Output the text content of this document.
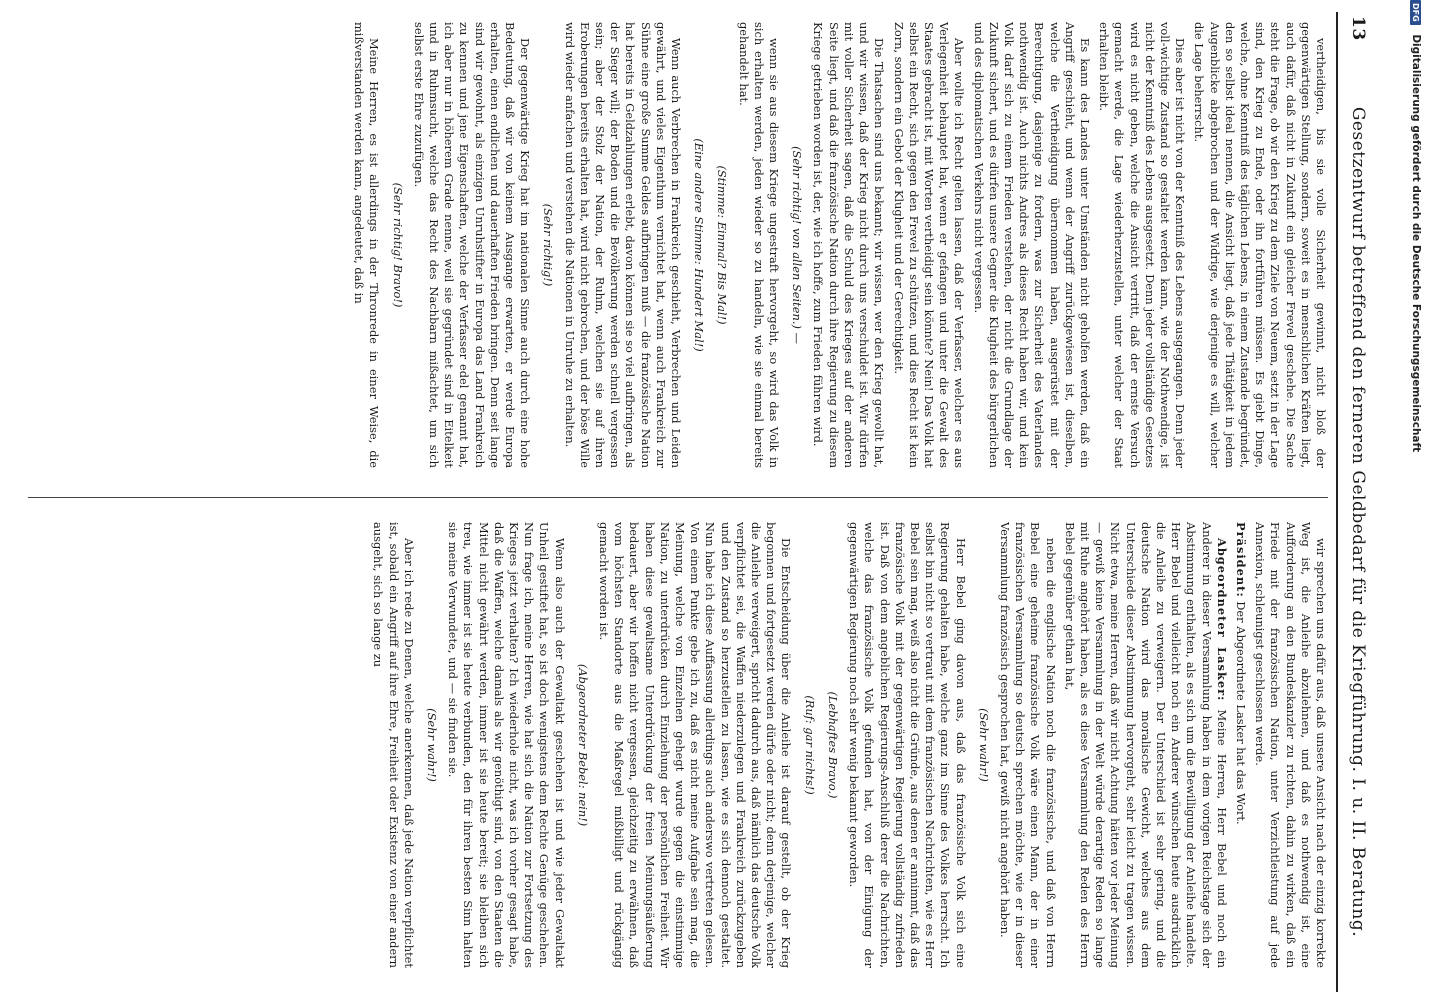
13
Gesetzentwurf betreffend den ferneren Geldbedarf für die Kriegführung. I. u. II. Beratung.

vertheidigen, bis sie volle Sicherheit gewinnt, nicht bloß der gegenwärtigen Stellung, sondern, soweit es in menschlichen Kräften liegt, auch dafür, daß nicht in Zukunft ein gleicher Frevel geschehe. Die Sache steht die Frage, ob wir den Krieg zu dem Ziele von Neuem, setzt in der Lage sind, den Krieg zu Ende, oder ihn fortführen müssen. Es giebt Dinge, welche, ohne Kenntniß des täglichen Lebens, in einem Zustande begründet, den so selbst ideal nennen, die Ansicht liegt, daß jede Thätigkeit in jedem Augenblicke abgebrochen und der Widrige, wie derjenige es will, welcher die Lage beherrscht.

Dies aber ist nicht von der Kenntniß des Lebens ausgegangen. Denn jeder voll-wichtige Zustand so gestaltet werden kann, wie der Nothwendige, ist nicht der Kenntniß des Lebens ausgesetzt. Denn jeder vollständige Gesetzes wird es nicht geben, welche die Ansicht vertritt, daß der ernste Versuch gemacht werde, die Lage wiederherzustellen, unter welcher der Staat erhalten bleibt.

Es kann des Landes unter Umständen nicht geholfen werden, daß ein Angriff geschieht, und wenn der Angriff zurückgewiesen ist, dieselben, welche die Vertheidigung übernommen haben, ausgerüstet mit der Berechtigung, dasjenige zu fordern, was zur Sicherheit des Vaterlandes nothwendig ist. Auch nichts Andres als dieses Recht haben wir, und kein Volk darf sich zu einem Frieden verstehen, der nicht die Grundlage der Zukunft sichert, und es dürfen unsere Gegner die Klugheit des bürgerlichen und des diplomatischen Verkehrs nicht vergessen.

Aber wollte ich Recht gelten lassen, daß der Verfasser, welcher es aus Verlegenheit behauptet hat, wenn er gefangen und unter die Gewalt des Staates gebracht ist, mit Worten vertheidigt sein könnte? Nein! Das Volk hat selbst ein Recht, sich gegen den Frevel zu schützen, und dies Recht ist kein Zorn, sondern ein Gebot der Klugheit und der Gerechtigkeit.

Die Thatsachen sind uns bekannt; wir wissen, wer den Krieg gewollt hat, und wir wissen, daß der Krieg nicht durch uns verschuldet ist. Wir dürfen mit voller Sicherheit sagen, daß die Schuld des Krieges auf der anderen Seite liegt, und daß die französische Nation durch ihre Regierung zu diesem Kriege getrieben worden ist, der, wie ich hoffe, zum Frieden führen wird.

(Sehr richtig! von allen Seiten.) —

wenn sie aus diesem Kriege ungestraft hervorgeht, so wird das Volk in sich erhalten werden, jeden wieder so zu handeln, wie sie einmal bereits gehandelt hat.

(Stimme: Einmal? Bis Mal!)

(Eine andere Stimme: Hundert Mal!)

Wenn auch Verbrechen in Frankreich geschieht, Verbrechen und Leiden gewährt, und vieles Eigenthum vernichtet hat, wenn auch Frankreich zur Sühne eine große Summe Geldes aufbringen muß — die französische Nation hat bereits in Geldzahlungen erlebt, davon können sie so viel aufbringen, als der Sieger will; der Boden und die Bevölkerung werden schnell vergessen sein; aber der Stolz der Nation, der Ruhm, welchen sie auf ihren Eroberungen bereits erhalten hat, wird nicht gebrochen, und der böse Wille wird wieder anfachen und verstehen die Nationen in Unruhe zu erhalten.

(Sehr richtig!)

Der gegenwärtige Krieg hat im nationalen Sinne auch durch eine hohe Bedeutung, daß wir von keinem Ausgange erwarten, er werde Europa erhalten, einen endlichen und dauerhaften Frieden bringen. Denn seit lange sind wir gewohnt, als einzigen Unruhstifter in Europa das Land Frankreich zu kennen und jene Eigenschaften, welche der Verfasser edel genannt hat, ich aber nur in höherem Grade nenne, weil sie gegründet sind in Eitelkeit und in Ruhmsucht, welche das Recht des Nachbarn mißachtet, um sich selbst erste Ehre zuzufügen.

(Sehr richtig! Bravo!)

Meine Herren, es ist allerdings in der Thronrede in einer Weise, die mißverstanden werden kann, angedeutet, daß in

wir sprechen uns dafür aus, daß unsere Ansicht nach der einzig korrekte Weg ist, die Anleihe abzulehnen, und daß es nothwendig ist, eine Aufforderung an den Bundeskanzler zu richten, dahin zu wirken, daß ein Friede mit der französischen Nation, unter Verzichtleistung auf jede Annexion, schleunigst geschlossen werde.

Präsident: Der Abgeordnete Lasker hat das Wort.

Abgeordneter Lasker: Meine Herren, Herr Bebel und noch ein Anderer in dieser Versammlung haben in dem vorigen Reichstage sich der Abstimmung enthalten, als es sich um die Bewilligung der Anleihe handelte. Herr Bebel und vielleicht noch ein Anderer wünschen heute ausdrücklich die Anleihe zu verweigern. Der Unterschied ist sehr gering, und die deutsche Nation wird das moralische Gewicht, welches aus dem Unterschiede dieser Abstimmung hervorgeht, sehr leicht zu tragen wissen. Nicht etwa, meine Herren, daß wir nicht Achtung hätten vor jeder Meinung — gewiß keine Versammlung in der Welt würde derartige Reden so lange mit Ruhe angehört haben, als es diese Versammlung den Reden des Herrn Bebel gegenüber gethan hat,

neben die englische Nation noch die französische, und daß von Herrn Bebel eine geheime französische Volk wäre einen Mann, der in einer französischen Versammlung so deutsch sprechen möchte, wie er in dieser Versammlung französisch gesprochen hat, gewiß nicht angehört haben.

(Sehr wahr!)

Herr Bebel ging davon aus, daß das französische Volk sich eine Regierung gehalten habe, welche ganz im Sinne des Volkes herrscht. Ich selbst bin nicht so vertraut mit dem französischen Nachrichten, wie es Herr Bebel sein mag, weiß also nicht die Gründe, aus denen er annimmt, daß das französische Volk mit der gegenwärtigen Regierung vollständig zufrieden ist. Daß von dem angeblichen Regierungs-Anschluß derer die Nachrichten, welche das französische Volk gefunden hat, von der Einigung der gegenwärtigen Regierung noch sehr wenig bekannt geworden.

(Lebhaftes Bravo.)

(Ruf: gar nichts!)

Die Entscheidung über die Anleihe ist darauf gestellt, ob der Krieg begonnen und fortgesetzt werden dürfe oder nicht; denn derjenige, welcher die Anleihe verweigert, spricht dadurch aus, daß nämlich das deutsche Volk verpflichtet sei, die Waffen niederzulegen und Frankreich zurückzugeben und den Zustand so herzustellen zu lassen, wie es sich dennoch gestaltet. Nun habe ich diese Auffassung allerdings auch anderswo vertreten gelesen. Von einem Punkte gebe ich zu, daß es nicht meine Aufgabe sein mag, die Meinung, welche von Einzelnen gehegt wurde gegen die einstimmige Nation, zu unterdrücken durch Einziehung der persönlichen Freiheit. Wir haben diese gewaltsame Unterdrückung der freien Meinungsäußerung bedauert, aber wir hoffen nicht vergessen, gleichzeitig zu erwähnen, daß vom höchsten Standorte aus die Maßregel mißbilligt und rückgängig gemacht worden ist.

(Abgeordneter Bebel: nein!)

Wenn also auch der Gewaltakt geschehen ist und wie jeder Gewaltakt Unheil gestiftet hat, so ist doch wenigstens dem Rechte Genüge geschehen. Nun frage ich, meine Herren, wie hat sich die Nation zur Fortsetzung des Krieges jetzt verhalten? Ich wiederhole nicht, was ich vorher gesagt habe, daß die Waffen, welche damals als wir genöthigt sind, von den Staaten die Mittel nicht gewährt werden, immer ist sie heute bereit; sie bleiben sich treu, wie immer ist sie heute verbunden, den für ihren besten Sinn halten sie meine Verwundete, und — sie finden sie.

(Sehr wahr!)

Aber ich rede zu Denen, welche anerkennen, daß jede Nation verpflichtet ist, sobald ein Angriff auf ihre Ehre, Freiheit oder Existenz von einer andern ausgeht, sich so lange zu

DFG Digitalisierung gefördert durch die Deutsche Forschungsgemeinschaft
